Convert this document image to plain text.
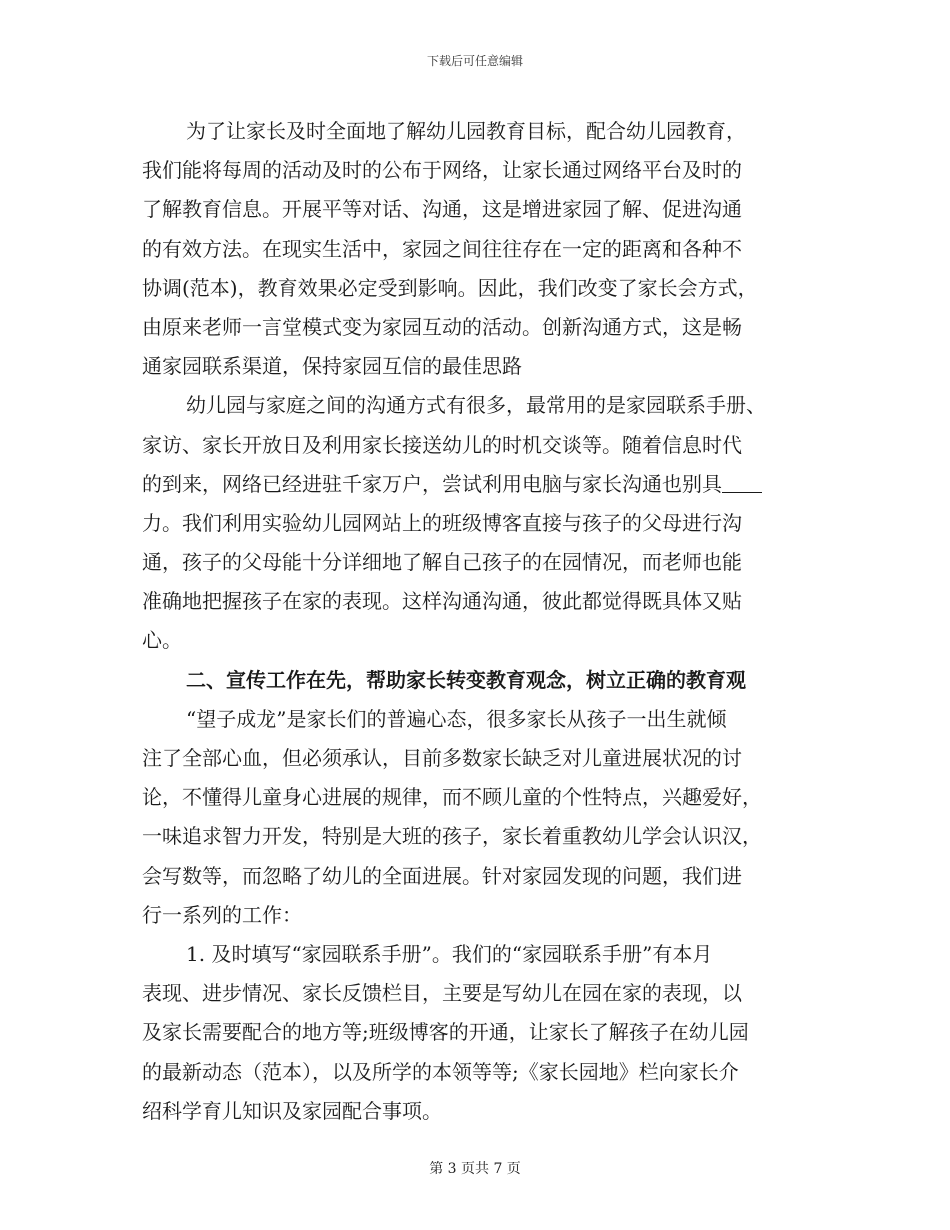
下载后可任意编辑
为了让家长及时全面地了解幼儿园教育目标，配合幼儿园教育，
我们能将每周的活动及时的公布于网络，让家长通过网络平台及时的
了解教育信息。开展平等对话、沟通，这是增进家园了解、促进沟通
的有效方法。在现实生活中，家园之间往往存在一定的距离和各种不
协调(范本)，教育效果必定受到影响。因此，我们改变了家长会方式，
由原来老师一言堂模式变为家园互动的活动。创新沟通方式，这是畅
通家园联系渠道，保持家园互信的最佳思路
幼儿园与家庭之间的沟通方式有很多，最常用的是家园联系手册、
家访、家长开放日及利用家长接送幼儿的时机交谈等。随着信息时代
的到来，网络已经进驻千家万户，尝试利用电脑与家长沟通也别具
力。我们利用实验幼儿园网站上的班级博客直接与孩子的父母进行沟
通，孩子的父母能十分详细地了解自己孩子的在园情况，而老师也能
准确地把握孩子在家的表现。这样沟通沟通，彼此都觉得既具体又贴
心。
二、宣传工作在先，帮助家长转变教育观念，树立正确的教育观
“望子成龙”是家长们的普遍心态，很多家长从孩子一出生就倾
注了全部心血，但必须承认，目前多数家长缺乏对儿童进展状况的讨
论，不懂得儿童身心进展的规律，而不顾儿童的个性特点，兴趣爱好，
一味追求智力开发，特别是大班的孩子，家长着重教幼儿学会认识汉，
会写数等，而忽略了幼儿的全面进展。针对家园发现的问题，我们进
行一系列的工作：
1. 及时填写“家园联系手册”。我们的“家园联系手册”有本月
表现、进步情况、家长反馈栏目，主要是写幼儿在园在家的表现，以
及家长需要配合的地方等;班级博客的开通，让家长了解孩子在幼儿园
的最新动态（范本），以及所学的本领等等;《家长园地》栏向家长介
绍科学育儿知识及家园配合事项。
第 3 页共 7 页
